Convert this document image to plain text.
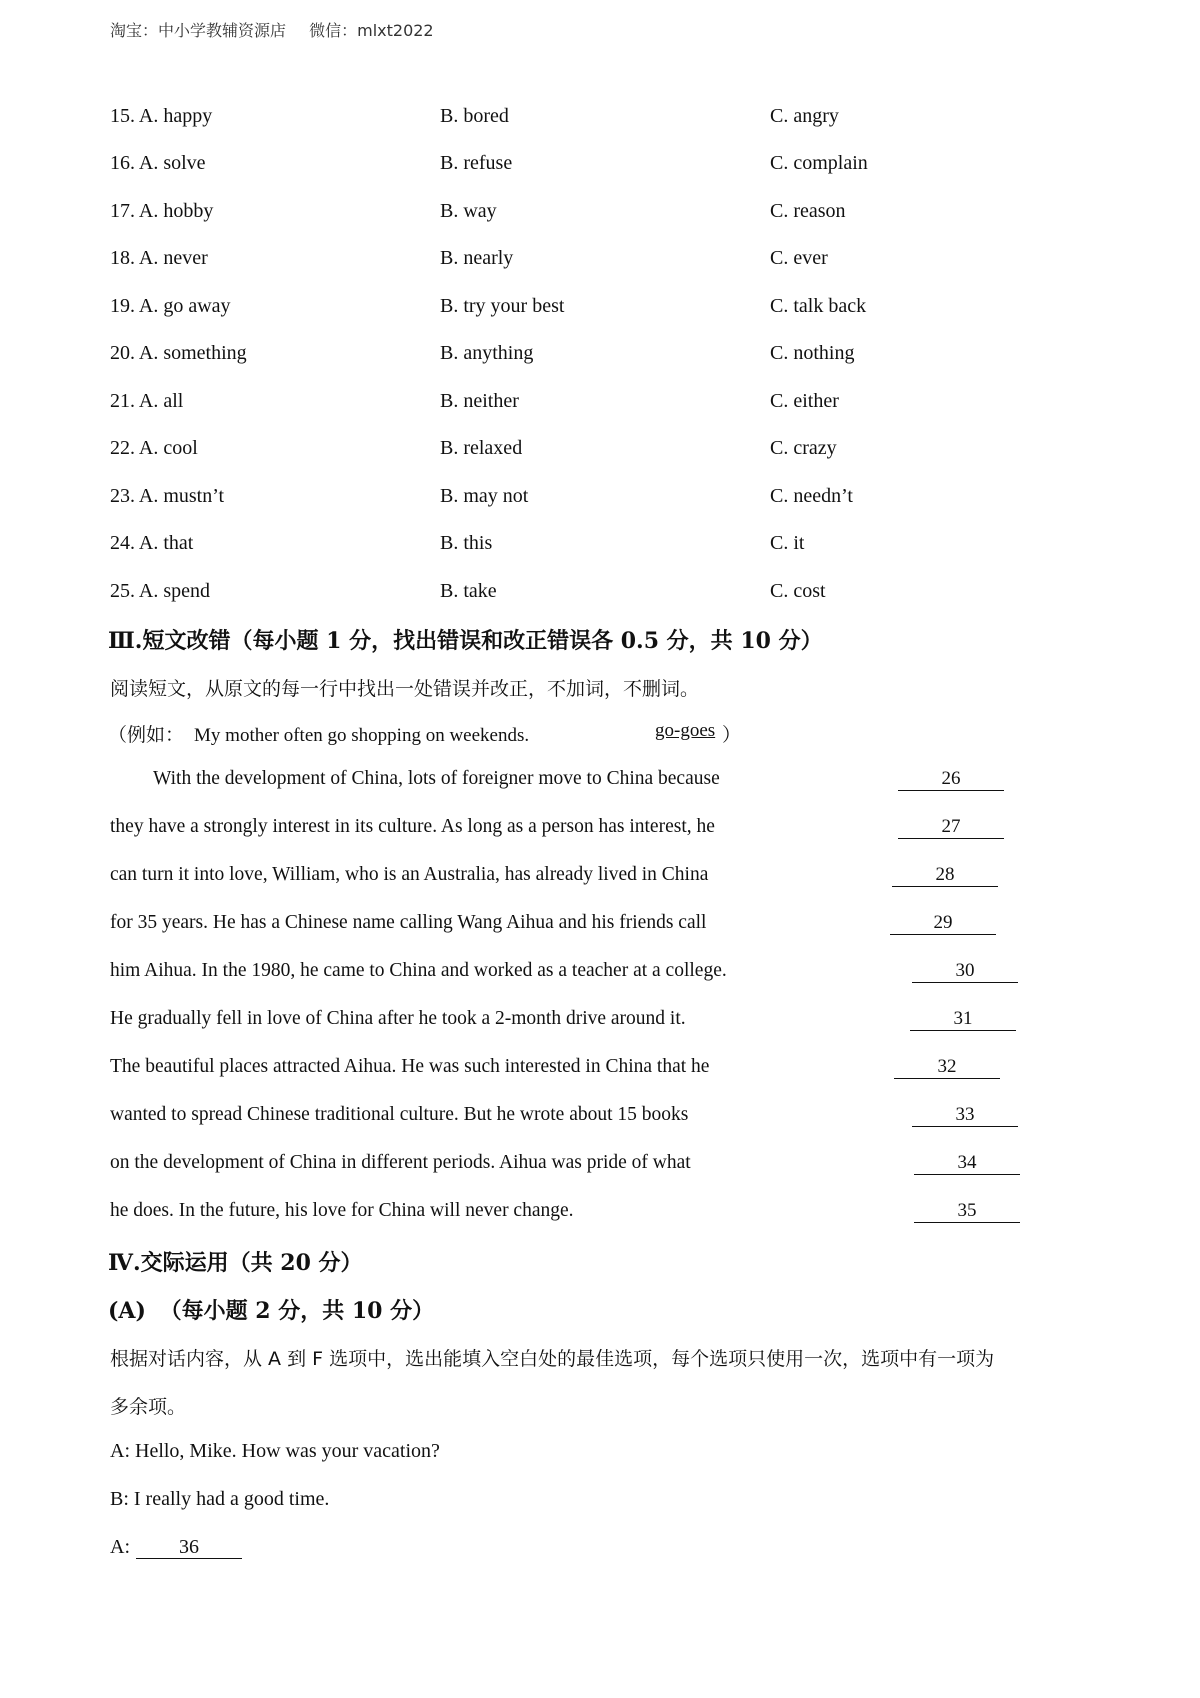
淘宝：中小学教辅资源店 微信：mlxt2022
15. A. happy	B. bored	C. angry
16. A. solve	B. refuse	C. complain
17. A. hobby	B. way	C. reason
18. A. never	B. nearly	C. ever
19. A. go away	B. try your best	C. talk back
20. A. something	B. anything	C. nothing
21. A. all	B. neither	C. either
22. A. cool	B. relaxed	C. crazy
23. A. mustn’t	B. may not	C. needn’t
24. A. that	B. this	C. it
25. A. spend	B. take	C. cost
Ⅲ.短文改错（每小题 1 分，找出错误和改正错误各 0.5 分，共 10 分）
阅读短文，从原文的每一行中找出一处错误并改正，不加词，不删词。
（例如： My mother often go shopping on weekends.	go-goes ）
With the development of China, lots of foreigner move to China because	26
they have a strongly interest in its culture. As long as a person has interest, he	27
can turn it into love, William, who is an Australia, has already lived in China	28
for 35 years. He has a Chinese name calling Wang Aihua and his friends call	29
him Aihua. In the 1980, he came to China and worked as a teacher at a college.	30
He gradually fell in love of China after he took a 2-month drive around it.	31
The beautiful places attracted Aihua. He was such interested in China that he	32
wanted to spread Chinese traditional culture. But he wrote about 15 books	33
on the development of China in different periods. Aihua was pride of what	34
he does. In the future, his love for China will never change.	35
Ⅳ.交际运用（共 20 分）
(A) （每小题 2 分，共 10 分）
根据对话内容，从 A 到 F 选项中，选出能填入空白处的最佳选项，每个选项只使用一次，选项中有一项为
多余项。
A: Hello, Mike. How was your vacation?
B: I really had a good time.
A: 36
